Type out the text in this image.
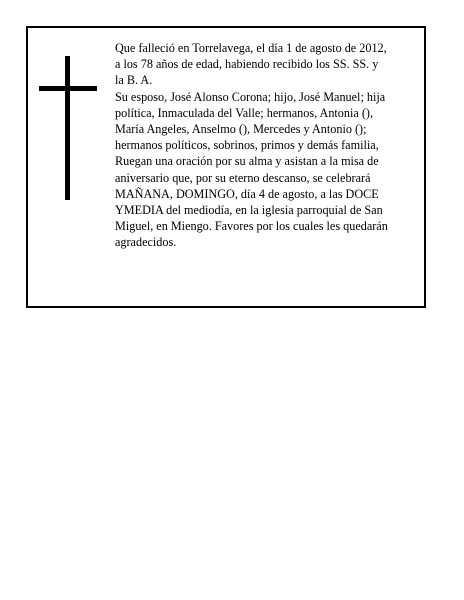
Que falleció en Torrelavega, el día 1 de agosto de 2012,

a los 78 años de edad, habiendo recibido los SS. SS. y

la B. A.

Su esposo, José Alonso Corona; hijo, José Manuel; hija

política, Inmaculada del Valle; hermanos, Antonia (),

María Angeles, Anselmo (), Mercedes y Antonio ();

hermanos políticos, sobrinos, primos y demás familia,

Ruegan una oración por su alma y asistan a la misa de

aniversario que, por su eterno descanso, se celebrará

MAÑANA, DOMINGO, día 4 de agosto, a las DOCE

YMEDIA del mediodía, en la iglesia parroquial de San

Miguel, en Miengo. Favores por los cuales les quedarán

agradecidos.
